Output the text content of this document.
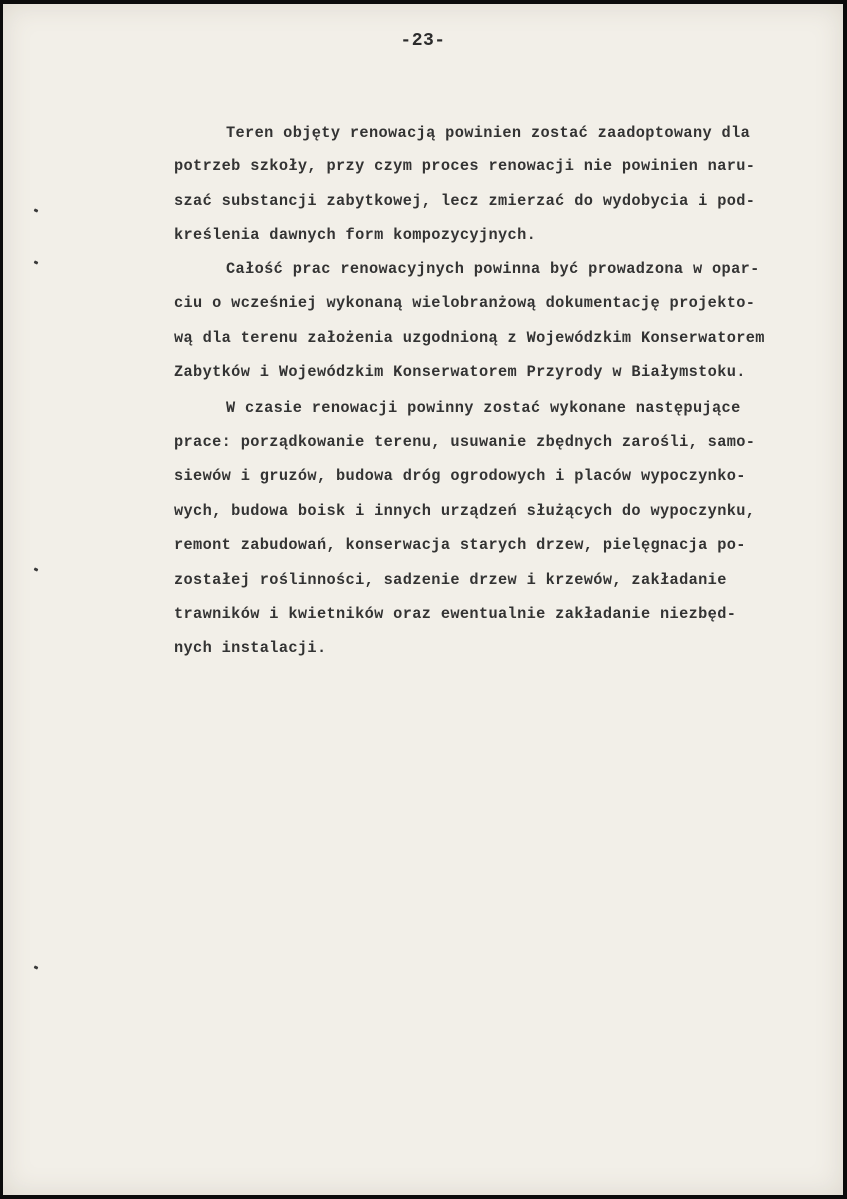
-23-
Teren objęty renowacją powinien zostać zaadoptowany dla
potrzeb szkoły, przy czym proces renowacji nie powinien naru-
szać substancji zabytkowej, lecz zmierzać do wydobycia i pod-
kreślenia dawnych form kompozycyjnych.
Całość prac renowacyjnych powinna być prowadzona w opar-
ciu o wcześniej wykonaną wielobranżową dokumentację projekto-
wą dla terenu założenia uzgodnioną z Wojewódzkim Konserwatorem
Zabytków i Wojewódzkim Konserwatorem Przyrody w Białymstoku.
W czasie renowacji powinny zostać wykonane następujące
prace: porządkowanie terenu, usuwanie zbędnych zarośli, samo-
siewów i gruzów, budowa dróg ogrodowych i placów wypoczynko-
wych, budowa boisk i innych urządzeń służących do wypoczynku,
remont zabudowań, konserwacja starych drzew, pielęgnacja po-
zostałej roślinności, sadzenie drzew i krzewów, zakładanie
trawników i kwietników oraz ewentualnie zakładanie niezbęd-
nych instalacji.
